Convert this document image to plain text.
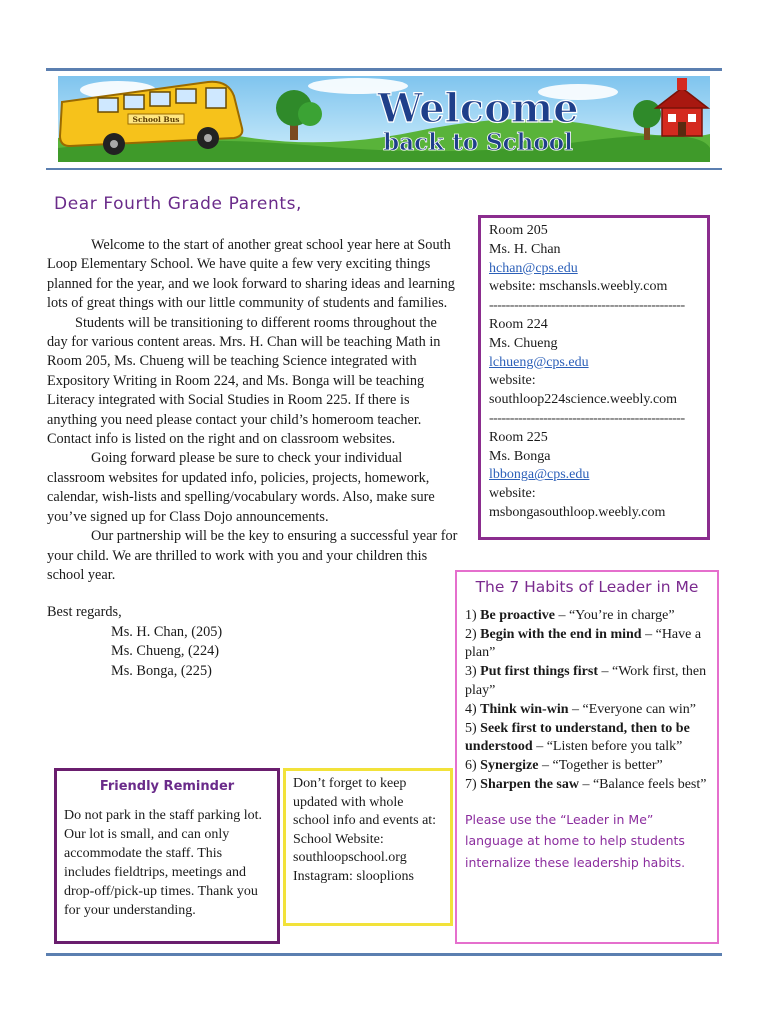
School Bus	Welcome
back to School
Dear Fourth Grade Parents,

Welcome to the start of another great school year here at South Loop Elementary School. We have quite a few very exciting things planned for the year, and we look forward to sharing ideas and learning lots of great things with our little community of students and families.

Students will be transitioning to different rooms throughout the day for various content areas. Mrs. H. Chan will be teaching Math in Room 205, Ms. Chueng will be teaching Science integrated with Expository Writing in Room 224, and Ms. Bonga will be teaching Literacy integrated with Social Studies in Room 225. If there is anything you need please contact your child’s homeroom teacher. Contact info is listed on the right and on classroom websites.

Going forward please be sure to check your individual classroom websites for updated info, policies, projects, homework, calendar, wish-lists and spelling/vocabulary words. Also, make sure you’ve signed up for Class Dojo announcements.

Our partnership will be the key to ensuring a successful year for your child. We are thrilled to work with you and your children this school year.

Best regards,

Ms. H. Chan, (205)

Ms. Chueng, (224)

Ms. Bonga, (225)

Room 205
Ms. H. Chan
hchan@cps.edu
website: mschansls.weebly.com
-----------------------------------------------
Room 224
Ms. Chueng
lchueng@cps.edu
website:
southloop224science.weebly.com
-----------------------------------------------
Room 225
Ms. Bonga
lbbonga@cps.edu
website:
msbongasouthloop.weebly.com
The 7 Habits of Leader in Me
1) Be proactive – “You’re in charge”
2) Begin with the end in mind – “Have a plan”
3) Put first things first – “Work first, then play”
4) Think win-win – “Everyone can win”
5) Seek first to understand, then to be understood – “Listen before you talk”
6) Synergize – “Together is better”
7) Sharpen the saw – “Balance feels best”
Please use the “Leader in Me” language at home to help students internalize these leadership habits.
Friendly Reminder
Do not park in the staff parking lot. Our lot is small, and can only accommodate the staff. This includes fieldtrips, meetings and drop-off/pick-up times. Thank you for your understanding.
Don’t forget to keep updated with whole school info and events at:
School Website:
southloopschool.org
Instagram: slooplions
